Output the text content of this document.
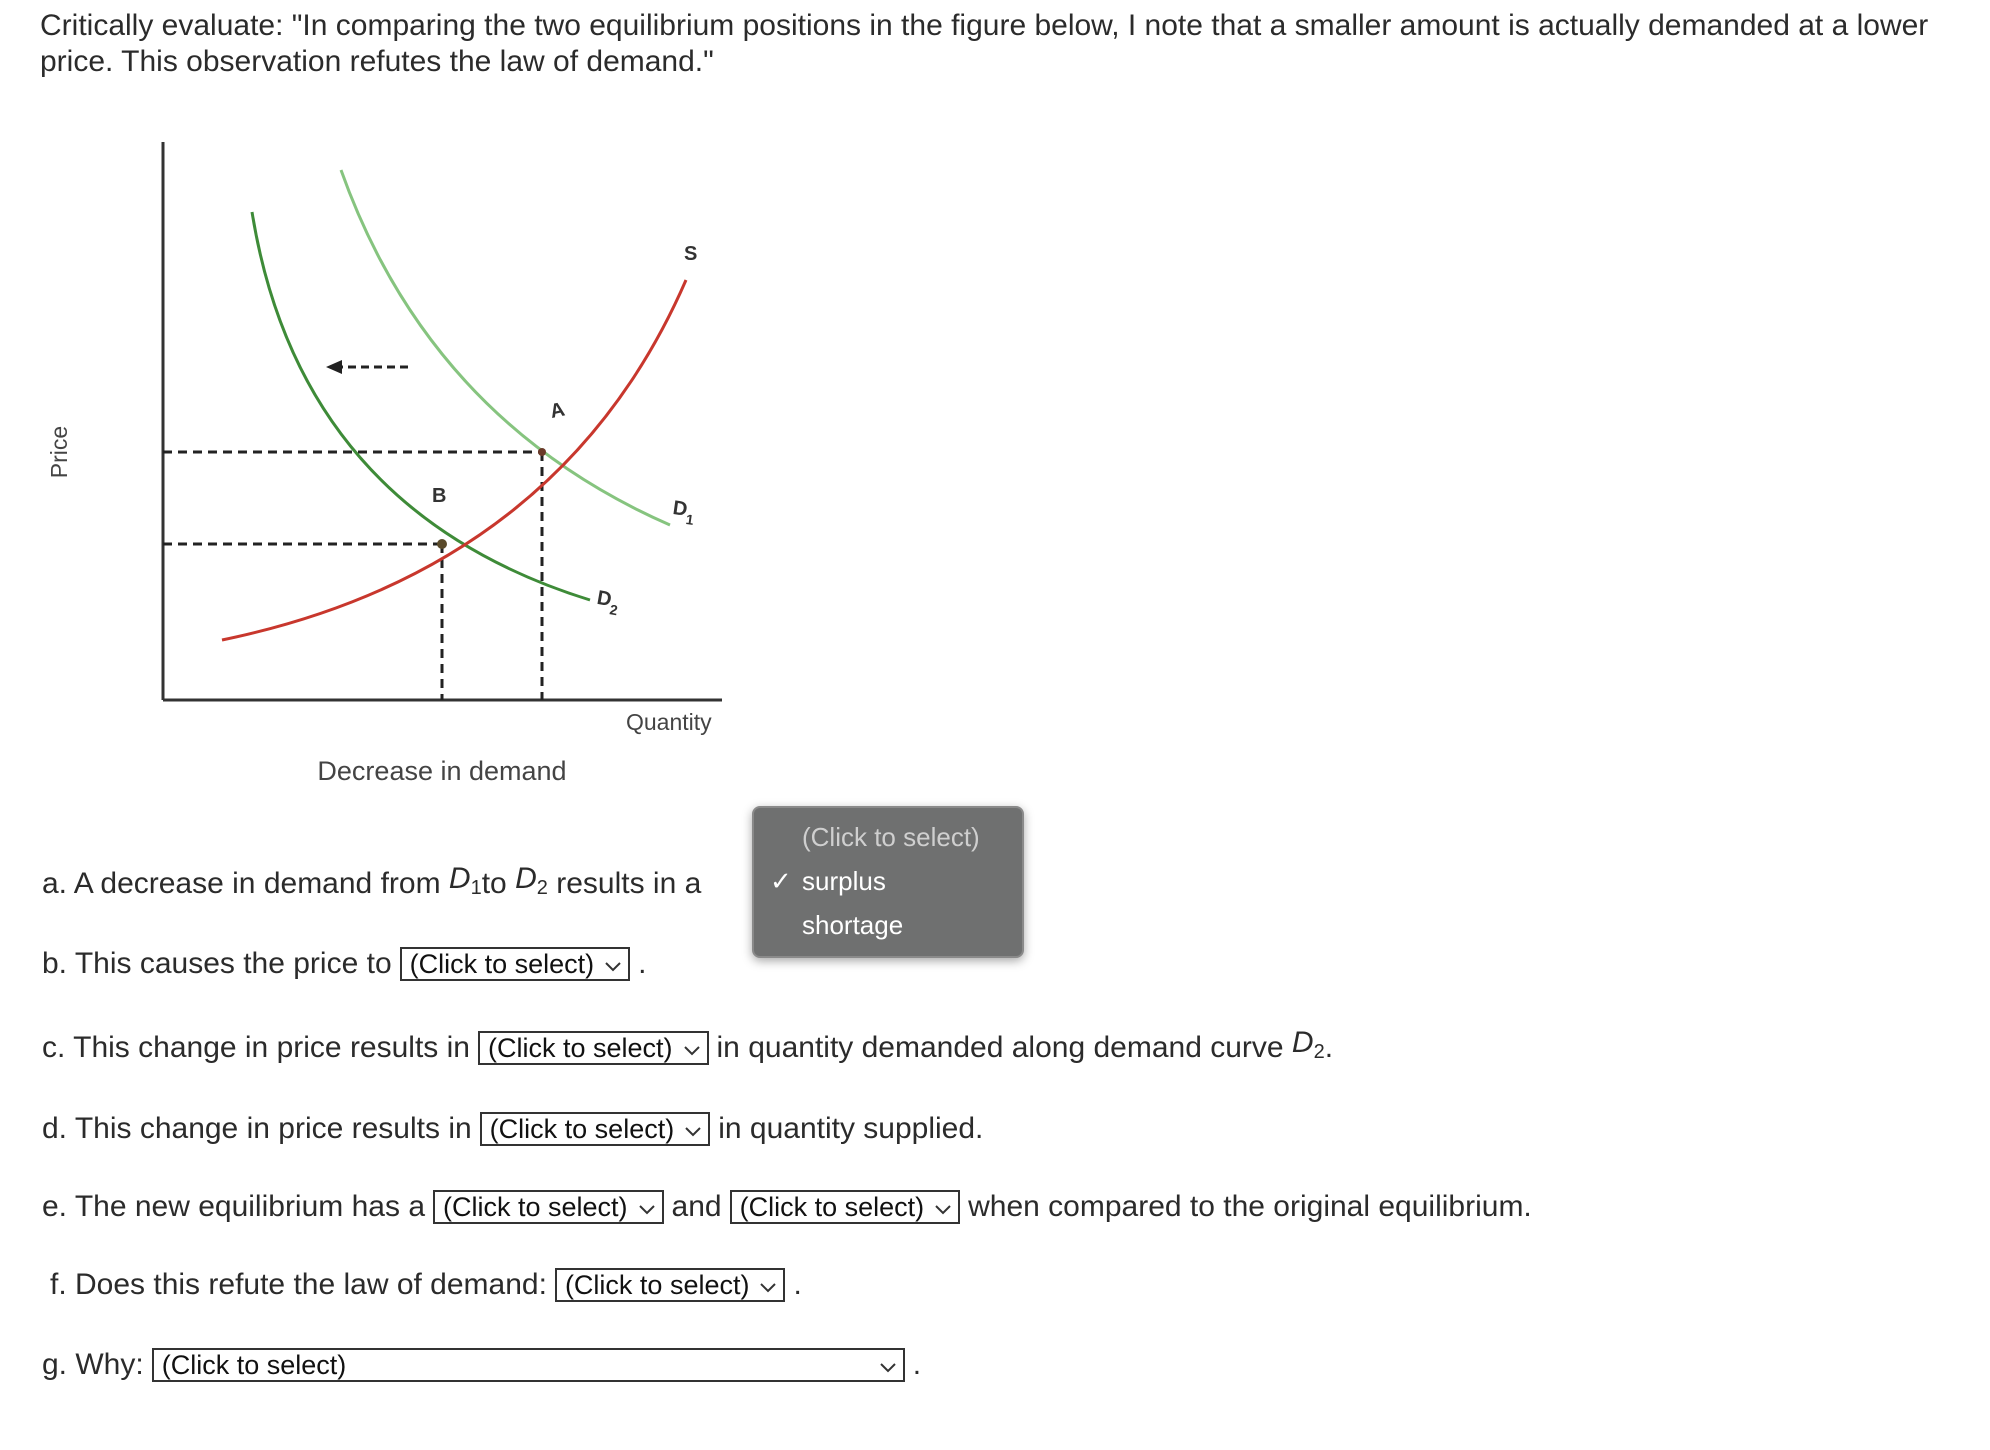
Critically evaluate: "In comparing the two equilibrium positions in the figure below, I note that a smaller amount is actually demanded at a lower price. This observation refutes the law of demand."

S
A
B
$D_1$
$D_2$
Quantity
Price
Decrease in demand
a. A decrease in demand from
$D_1$ to
$D_2$
results in a
b. This causes the price to (Click to select) .
c. This change in price results in (Click to select) in quantity demanded along demand curve
$D_2$ .
d. This change in price results in (Click to select) in quantity supplied.
e. The new equilibrium has a (Click to select) and (Click to select) when compared to the original equilibrium.
f. Does this refute the law of demand: (Click to select) .
g. Why: (Click to select)	.
(Click to select)
✓ surplus
shortage
